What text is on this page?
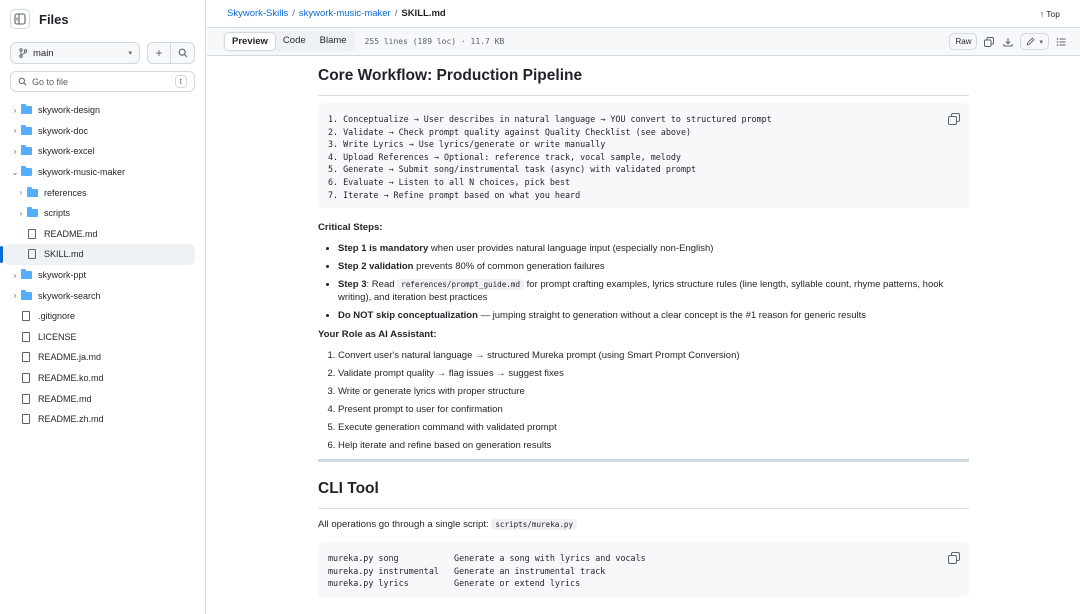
Files
main	▾	+
Go to file	t
›	skywork-design
›	skywork-doc
›	skywork-excel
⌄ skywork-music-maker
›	references
›	scripts
README.md
SKILL.md
›	skywork-ppt
›	skywork-search
.gitignore
LICENSE
README.ja.md
README.ko.md
README.md
README.zh.md
Skywork-Skills / skywork-music-maker / SKILL.md	↑ Top
Preview	Code	Blame	255 lines (189 loc) · 11.7 KB	Raw	▾
Core Workflow: Production Pipeline
1. Conceptualize → User describes in natural language → YOU convert to structured prompt
2. Validate → Check prompt quality against Quality Checklist (see above)
3. Write Lyrics → Use lyrics/generate or write manually
4. Upload References → Optional: reference track, vocal sample, melody
5. Generate → Submit song/instrumental task (async) with validated prompt
6. Evaluate → Listen to all N choices, pick best
7. Iterate → Refine prompt based on what you heard
Critical Steps:
• Step 1 is mandatory when user provides natural language input (especially non-English)
• Step 2 validation prevents 80% of common generation failures
• Step 3: Read references/prompt_guide.md for prompt crafting examples, lyrics structure rules (line length, syllable count, rhyme patterns, hook writing), and iteration best practices
• Do NOT skip conceptualization — jumping straight to generation without a clear concept is the #1 reason for generic results
Your Role as AI Assistant:
1. Convert user's natural language → structured Mureka prompt (using Smart Prompt Conversion)
2. Validate prompt quality → flag issues → suggest fixes
3. Write or generate lyrics with proper structure
4. Present prompt to user for confirmation
5. Execute generation command with validated prompt
6. Help iterate and refine based on generation results
CLI Tool

All operations go through a single script: scripts/mureka.py

mureka.py song           Generate a song with lyrics and vocals
mureka.py instrumental   Generate an instrumental track
mureka.py lyrics         Generate or extend lyrics
